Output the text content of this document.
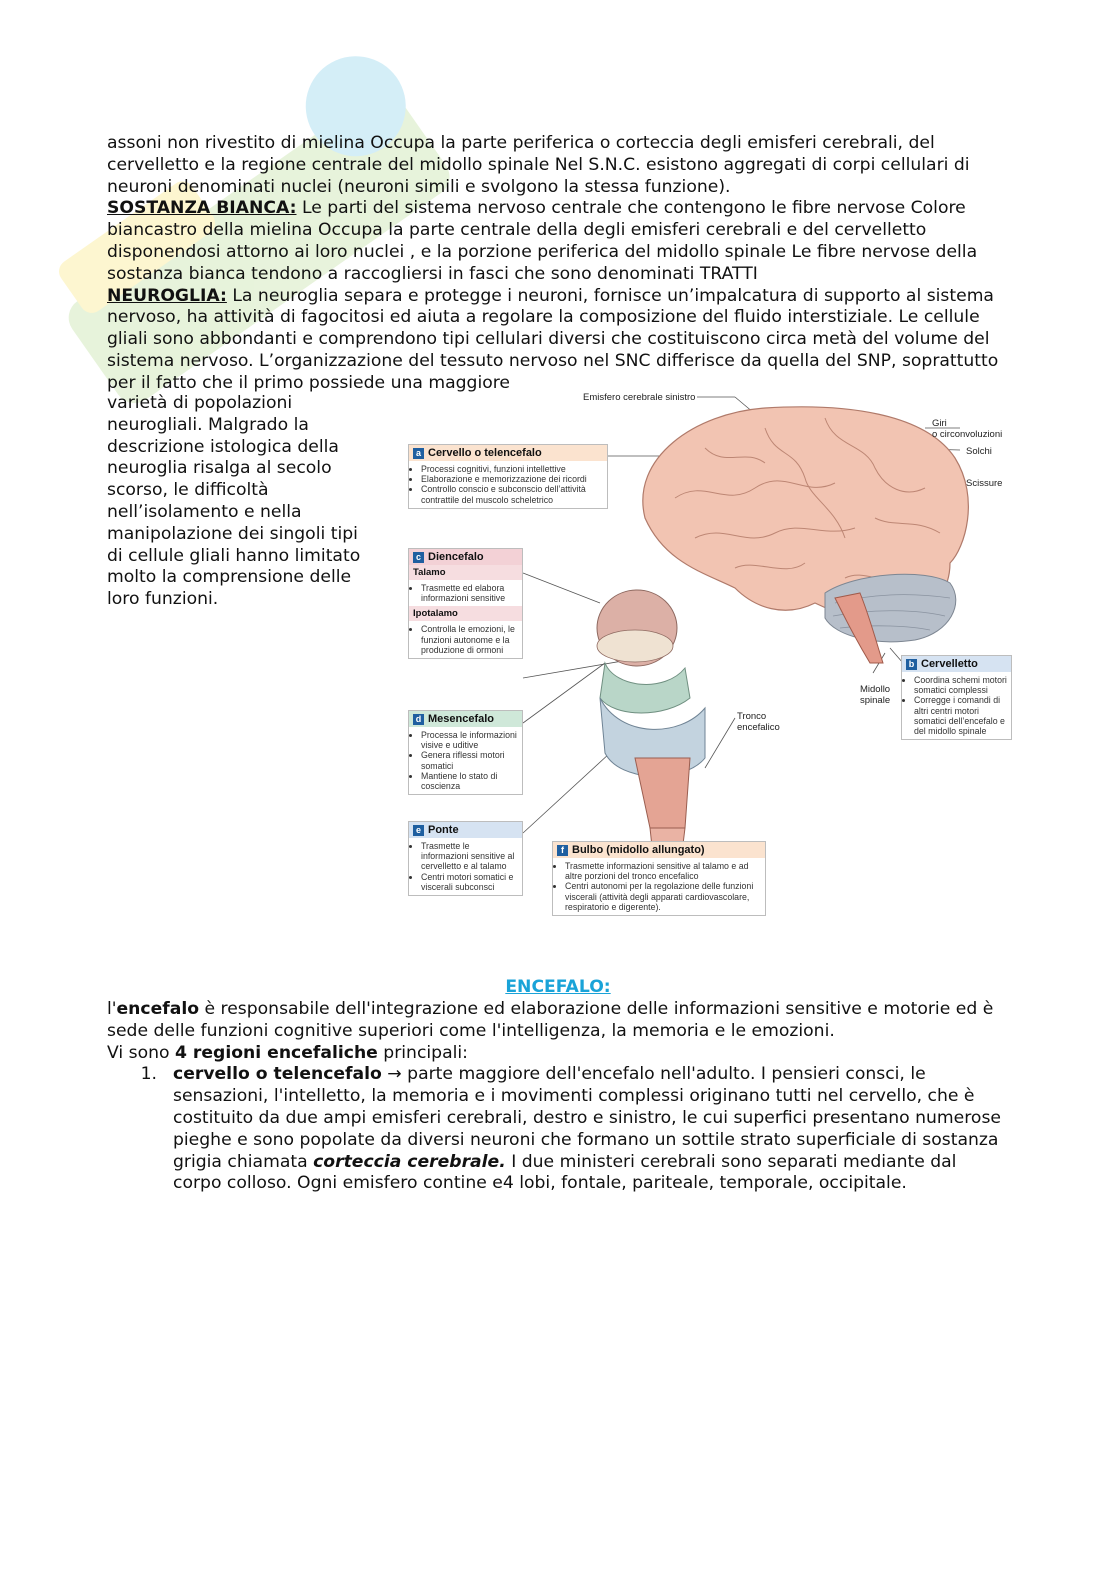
assoni non rivestito di mielina Occupa la parte periferica o corteccia degli emisferi cerebrali, del cervelletto e la regione centrale del midollo spinale Nel S.N.C. esistono aggregati di corpi cellulari di neuroni denominati nuclei (neuroni simili e svolgono la stessa funzione).

SOSTANZA BIANCA: Le parti del sistema nervoso centrale che contengono le fibre nervose Colore biancastro della mielina Occupa la parte centrale della degli emisferi cerebrali e del cervelletto disponendosi attorno ai loro nuclei , e la porzione periferica del midollo spinale Le fibre nervose della sostanza bianca tendono a raccogliersi in fasci che sono denominati TRATTI

NEUROGLIA: La neuroglia separa e protegge i neuroni, fornisce un’impalcatura di supporto al sistema nervoso, ha attività di fagocitosi ed aiuta a regolare la composizione del fluido interstiziale. Le cellule gliali sono abbondanti e comprendono tipi cellulari diversi che costituiscono circa metà del volume del sistema nervoso. L’organizzazione del tessuto nervoso nel SNC differisce da quella del SNP, soprattutto per il fatto che il primo possiede una maggiore

varietà di popolazioni neurogliali. Malgrado la descrizione istologica della neuroglia risalga al secolo scorso, le difficoltà nell’isolamento e nella manipolazione dei singoli tipi di cellule gliali hanno limitato molto la comprensione delle loro funzioni.
Emisfero cerebrale sinistro
Giri
o circonvoluzioni
Solchi
Scissure
Midollo
spinale
Tronco
encefalico
a Cervello o telencefalo
• Processi cognitivi, funzioni intellettive
• Elaborazione e memorizzazione dei ricordi
• Controllo conscio e subconscio dell’attività contrattile del muscolo scheletrico
c Diencefalo
Talamo
• Trasmette ed elabora informazioni sensitive
Ipotalamo
• Controlla le emozioni, le funzioni autonome e la produzione di ormoni
d Mesencefalo
• Processa le informazioni visive e uditive
• Genera riflessi motori somatici
• Mantiene lo stato di coscienza
e Ponte
• Trasmette le informazioni sensitive al cervelletto e al talamo
• Centri motori somatici e viscerali subconsci
f Bulbo (midollo allungato)
• Trasmette informazioni sensitive al talamo e ad altre porzioni del tronco encefalico
• Centri autonomi per la regolazione delle funzioni viscerali (attività degli apparati cardiovascolare, respiratorio e digerente).
b Cervelletto
• Coordina schemi motori somatici complessi
• Corregge i comandi di altri centri motori somatici dell’encefalo e del midollo spinale
ENCEFALO:

l'encefalo è responsabile dell'integrazione ed elaborazione delle informazioni sensitive e motorie ed è sede delle funzioni cognitive superiori come l'intelligenza, la memoria e le emozioni.

Vi sono 4 regioni encefaliche principali:

1. cervello o telencefalo → parte maggiore dell'encefalo nell'adulto. I pensieri consci, le sensazioni, l'intelletto, la memoria e i movimenti complessi originano tutti nel cervello, che è costituito da due ampi emisferi cerebrali, destro e sinistro, le cui superfici presentano numerose pieghe e sono popolate da diversi neuroni che formano un sottile strato superficiale di sostanza grigia chiamata corteccia cerebrale. I due ministeri cerebrali sono separati mediante dal corpo colloso. Ogni emisfero contine e4 lobi, fontale, pariteale, temporale, occipitale.
